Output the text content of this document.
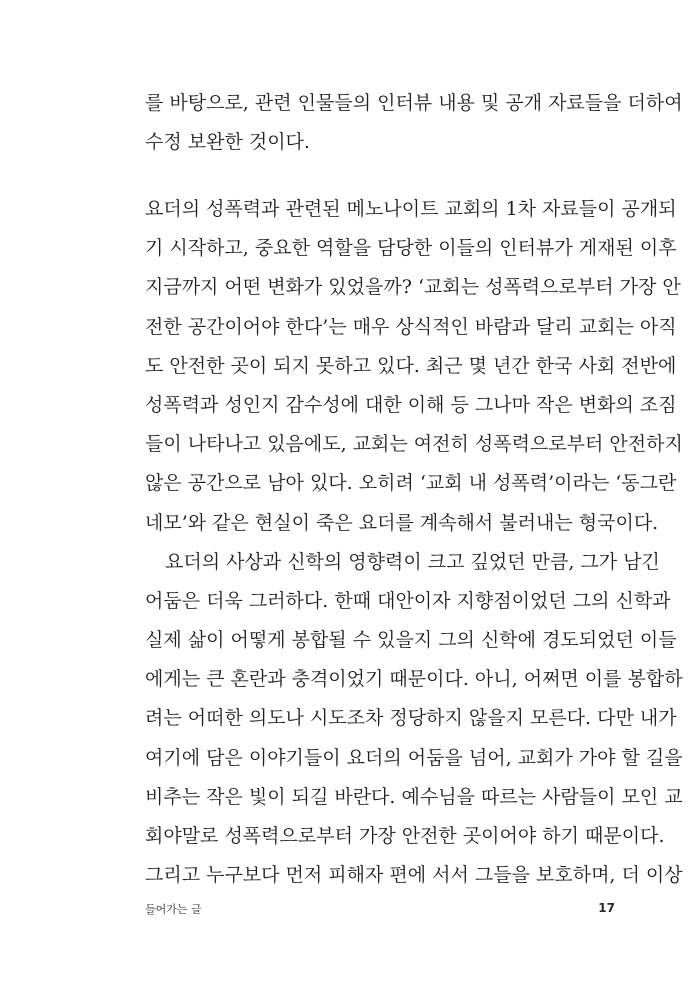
를 바탕으로, 관련 인물들의 인터뷰 내용 및 공개 자료들을 더하여
수정 보완한 것이다.
요더의 성폭력과 관련된 메노나이트 교회의 1차 자료들이 공개되
기 시작하고, 중요한 역할을 담당한 이들의 인터뷰가 게재된 이후
지금까지 어떤 변화가 있었을까? ‘교회는 성폭력으로부터 가장 안
전한 공간이어야 한다’는 매우 상식적인 바람과 달리 교회는 아직
도 안전한 곳이 되지 못하고 있다. 최근 몇 년간 한국 사회 전반에
성폭력과 성인지 감수성에 대한 이해 등 그나마 작은 변화의 조짐
들이 나타나고 있음에도, 교회는 여전히 성폭력으로부터 안전하지
않은 공간으로 남아 있다. 오히려 ‘교회 내 성폭력’이라는 ‘동그란
네모’와 같은 현실이 죽은 요더를 계속해서 불러내는 형국이다.
요더의 사상과 신학의 영향력이 크고 깊었던 만큼, 그가 남긴
어둠은 더욱 그러하다. 한때 대안이자 지향점이었던 그의 신학과
실제 삶이 어떻게 봉합될 수 있을지 그의 신학에 경도되었던 이들
에게는 큰 혼란과 충격이었기 때문이다. 아니, 어쩌면 이를 봉합하
려는 어떠한 의도나 시도조차 정당하지 않을지 모른다. 다만 내가
여기에 담은 이야기들이 요더의 어둠을 넘어, 교회가 가야 할 길을
비추는 작은 빛이 되길 바란다. 예수님을 따르는 사람들이 모인 교
회야말로 성폭력으로부터 가장 안전한 곳이어야 하기 때문이다.
그리고 누구보다 먼저 피해자 편에 서서 그들을 보호하며, 더 이상
들어가는 글	17
